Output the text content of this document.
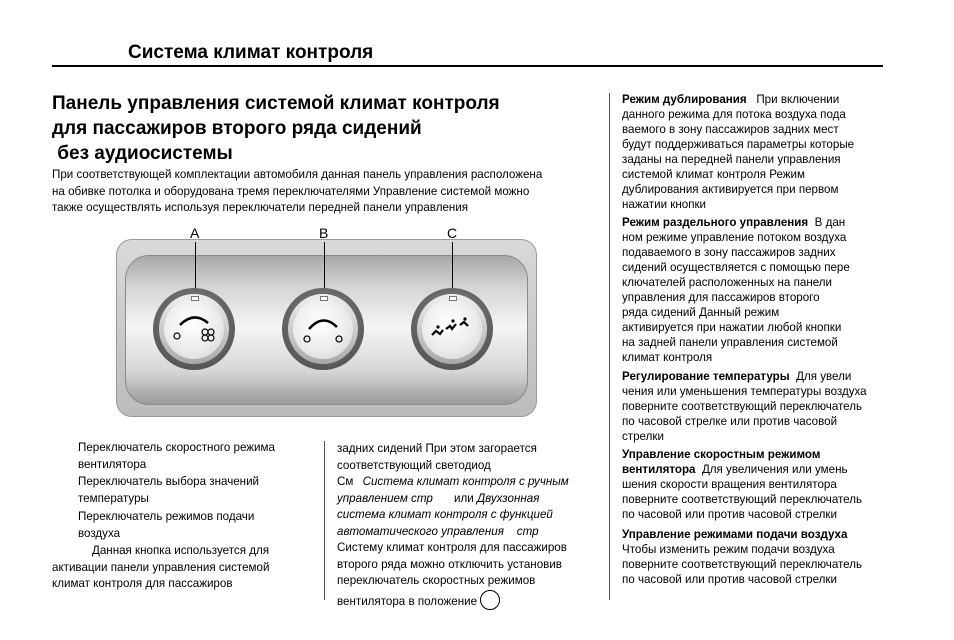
Система климат контроля
Панель управления системой климат контроля
для пассажиров второго ряда сидений
без аудиосистемы
При соответствующей комплектации автомобиля данная панель управления расположена
на обивке потолка и оборудована тремя переключателями Управление системой можно
также осуществлять используя переключатели передней панели управления
A	B	C
Переключатель скоростного режима
вентилятора
Переключатель выбора значений
температуры
Переключатель режимов подачи
воздуха
Данная кнопка используется для
активации панели управления системой
климат контроля для пассажиров
задних сидений При этом загорается
соответствующий светодиод
См Система климат контроля с ручным
управлением стр или Двухзонная
система климат контроля с функцией
автоматического управления    стр
Систему климат контроля для пассажиров
второго ряда можно отключить установив
переключатель скоростных режимов
вентилятора в положение
Режим дублирования   При включении
данного режима для потока воздуха пода
ваемого в зону пассажиров задних мест
будут поддерживаться параметры которые
заданы на передней панели управления
системой климат контроля Режим
дублирования активируется при первом
нажатии кнопки
Режим раздельного управления  В дан
ном режиме управление потоком воздуха
подаваемого в зону пассажиров задних
сидений осуществляется с помощью пере
ключателей расположенных на панели
управления для пассажиров второго
ряда сидений Данный режим
активируется при нажатии любой кнопки
на задней панели управления системой
климат контроля
Регулирование температуры  Для увели
чения или уменьшения температуры воздуха
поверните соответствующий переключатель
по часовой стрелке или против часовой
стрелки
Управление скоростным режимом
вентилятора  Для увеличения или умень
шения скорости вращения вентилятора
поверните соответствующий переключатель
по часовой или против часовой стрелки
Управление режимами подачи воздуха
Чтобы изменить режим подачи воздуха
поверните соответствующий переключатель
по часовой или против часовой стрелки
